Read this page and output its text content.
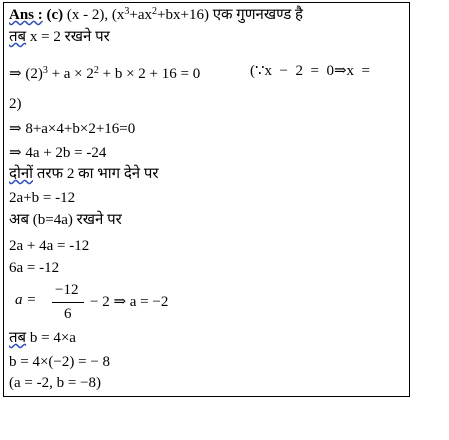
Ans : (c) (x - 2), $(x^3+ax^2+bx+16)$ एक गुणनखण्ड है
तब x = 2 रखने पर
⇒ $(2)^3 + a \times 2^2 + b \times 2 + 16 = 0$	(∵x  −  2  =  0⇒x  =
2)
⇒ 8+a×4+b×2+16=0
⇒ 4a + 2b = -24
दोनों तरफ 2 का भाग देने पर
2a+b = -12
अब (b=4a) रखने पर
2a + 4a = -12
6a = -12
a =
−12
6
− 2 ⇒ a = −2
तब b = 4×a
b = 4×(−2) = − 8
(a = -2, b = −8)
